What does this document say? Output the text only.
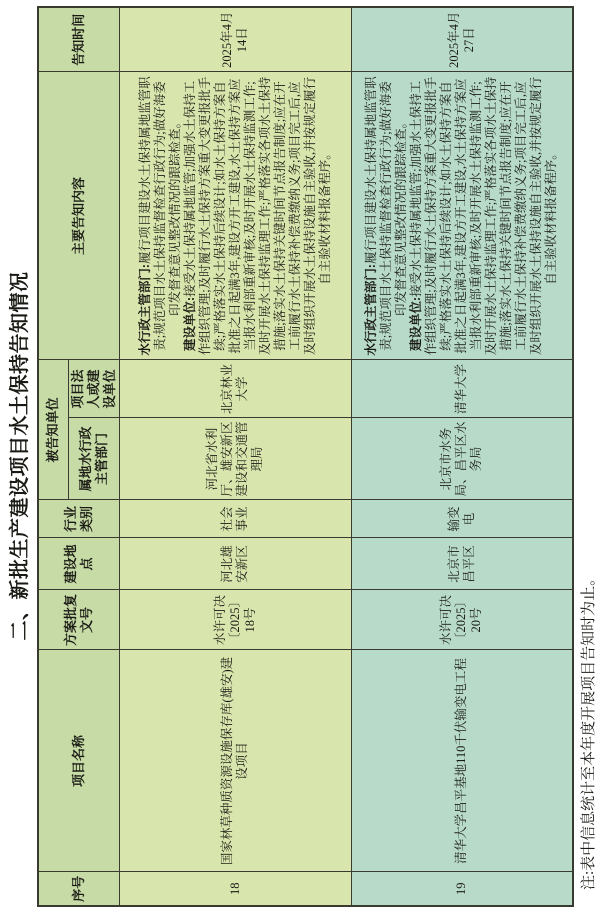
二、新批生产建设项目水土保持告知情况
序号	项目名称	方案批复文号	建设地点	行业类别	被告知单位		主要告知内容	告知时间
					属地水行政主管部门	项目法人或建设单位		
18	国家林草种质资源设施保存库(雄安)建设项目	水许可决〔2025〕18号	河北雄安新区	社会事业	河北省水利厅、雄安新区建设和交通管理局	北京林业大学	水行政主管部门:履行项目建设水土保持属地监管职责;规范项目水土保持监督检查行政行为;做好海委印发督查意见整改情况的跟踪检查。

建设单位:接受水土保持属地监管;加强水土保持工作组织管理;及时履行水土保持方案重大变更报批手续;严格落实水土保持后续设计;如水土保持方案自批准之日起满3年,建设方开工建设,水土保持方案应当报水利部重新审核;及时开展水土保持监测工作;及时开展水土保持监理工作;严格落实各项水土保持措施;落实水土保持关键时间节点报告制度;应在开工前履行水土保持补偿费缴纳义务;项目完工后,应及时组织开展水土保持设施自主验收,并按规定履行自主验收材料报备程序。	2025年4月14日
19	清华大学昌平基地110千伏输变电工程	水许可决〔2025〕20号	北京市昌平区	输变电	北京市水务局、昌平区水务局	清华大学	水行政主管部门:履行项目建设水土保持属地监管职责;规范项目水土保持监督检查行政行为;做好海委印发督查意见整改情况的跟踪检查。

建设单位:接受水土保持属地监管;加强水土保持工作组织管理;及时履行水土保持方案重大变更报批手续;严格落实水土保持后续设计;如水土保持方案自批准之日起满3年,建设方开工建设,水土保持方案应当报水利部重新审核;及时开展水土保持监测工作;及时开展水土保持监理工作;严格落实各项水土保持措施;落实水土保持关键时间节点报告制度;应在开工前履行水土保持补偿费缴纳义务;项目完工后,应及时组织开展水土保持设施自主验收,并按规定履行自主验收材料报备程序。	2025年4月27日
注:表中信息统计至本年度开展项目告知时为止。
